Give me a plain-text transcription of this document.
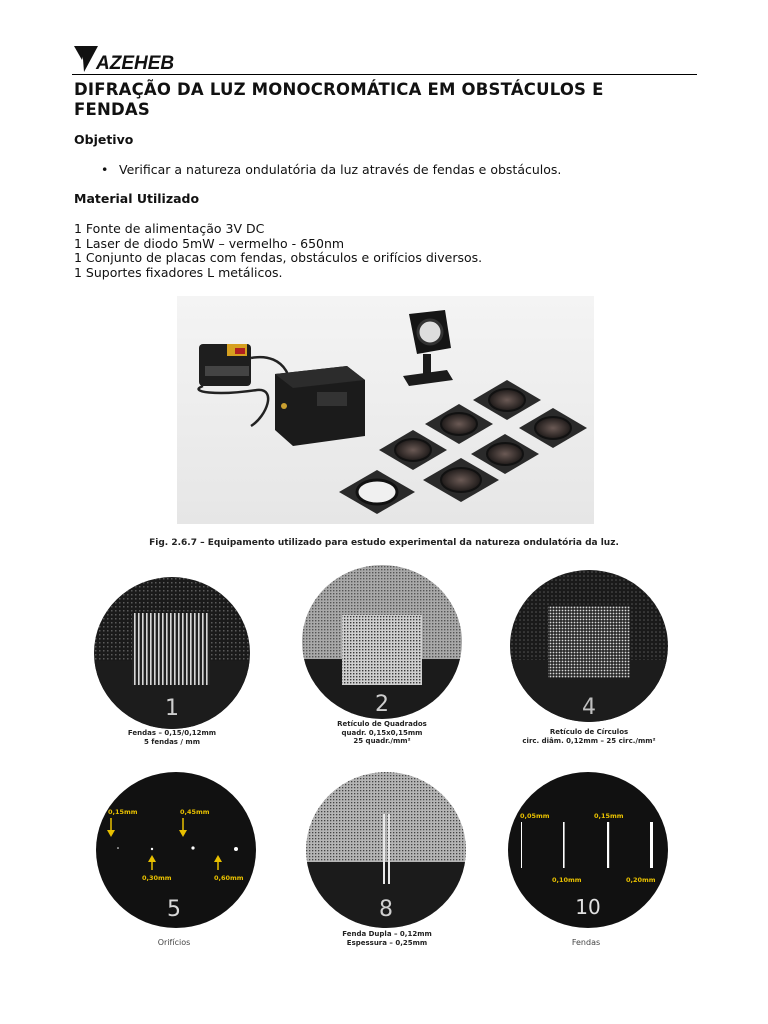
AZEHEB
DIFRAÇÃO DA LUZ MONOCROMÁTICA EM OBSTÁCULOS E
FENDAS
Objetivo
• Verificar a natureza ondulatória da luz através de fendas e obstáculos.
Material Utilizado
1 Fonte de alimentação 3V DC
1 Laser de diodo 5mW – vermelho - 650nm
1 Conjunto de placas com fendas, obstáculos e orifícios diversos.
1 Suportes fixadores L metálicos.
Fig. 2.6.7 – Equipamento utilizado para estudo experimental da natureza ondulatória da luz.
1
Fendas – 0,15/0,12mm
5 fendas / mm
2
Retículo de Quadrados
quadr. 0,15x0,15mm
25 quadr./mm²
4
Retículo de Círculos
circ. diâm. 0,12mm – 25 circ./mm²
0,15mm	0,45mm
0,30mm	0,60mm
5
Orifícios
8
Fenda Dupla – 0,12mm
Espessura – 0,25mm
0,05mm	0,15mm
0,10mm	0,20mm
10
Fendas
